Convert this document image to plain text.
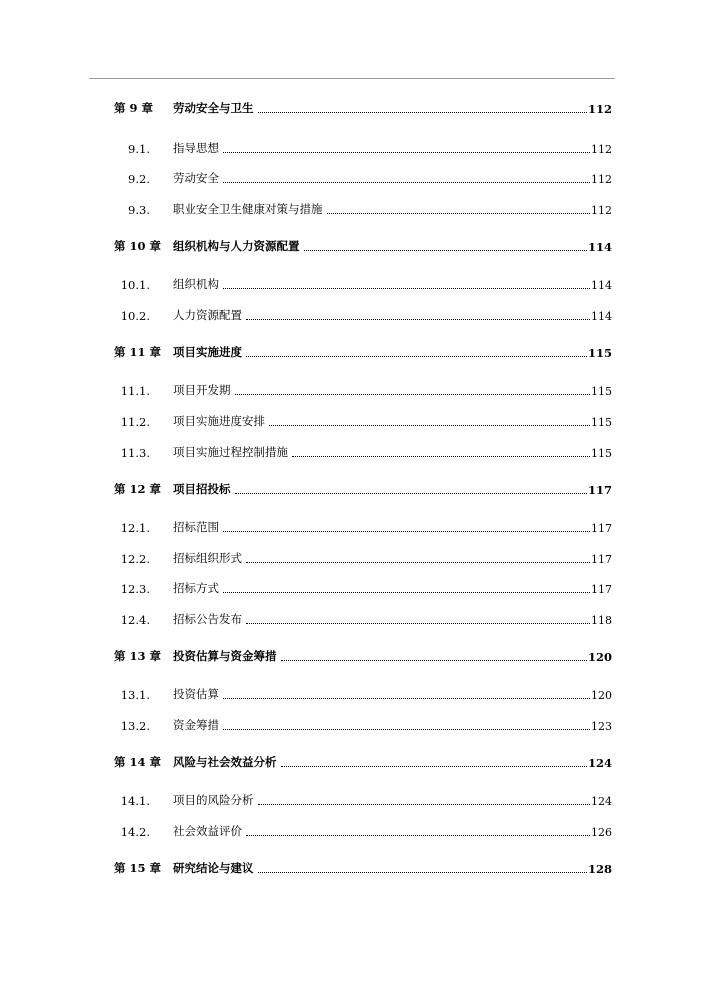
第 9 章	劳动安全与卫生	112
9.1. 指导思想	112
9.2. 劳动安全	112
9.3. 职业安全卫生健康对策与措施	112
第 10 章	组织机构与人力资源配置	114
10.1. 组织机构	114
10.2. 人力资源配置	114
第 11 章	项目实施进度	115
11.1. 项目开发期	115
11.2. 项目实施进度安排	115
11.3. 项目实施过程控制措施	115
第 12 章	项目招投标	117
12.1. 招标范围	117
12.2. 招标组织形式	117
12.3. 招标方式	117
12.4. 招标公告发布	118
第 13 章	投资估算与资金筹措	120
13.1. 投资估算	120
13.2. 资金筹措	123
第 14 章	风险与社会效益分析	124
14.1. 项目的风险分析	124
14.2. 社会效益评价	126
第 15 章	研究结论与建议	128
